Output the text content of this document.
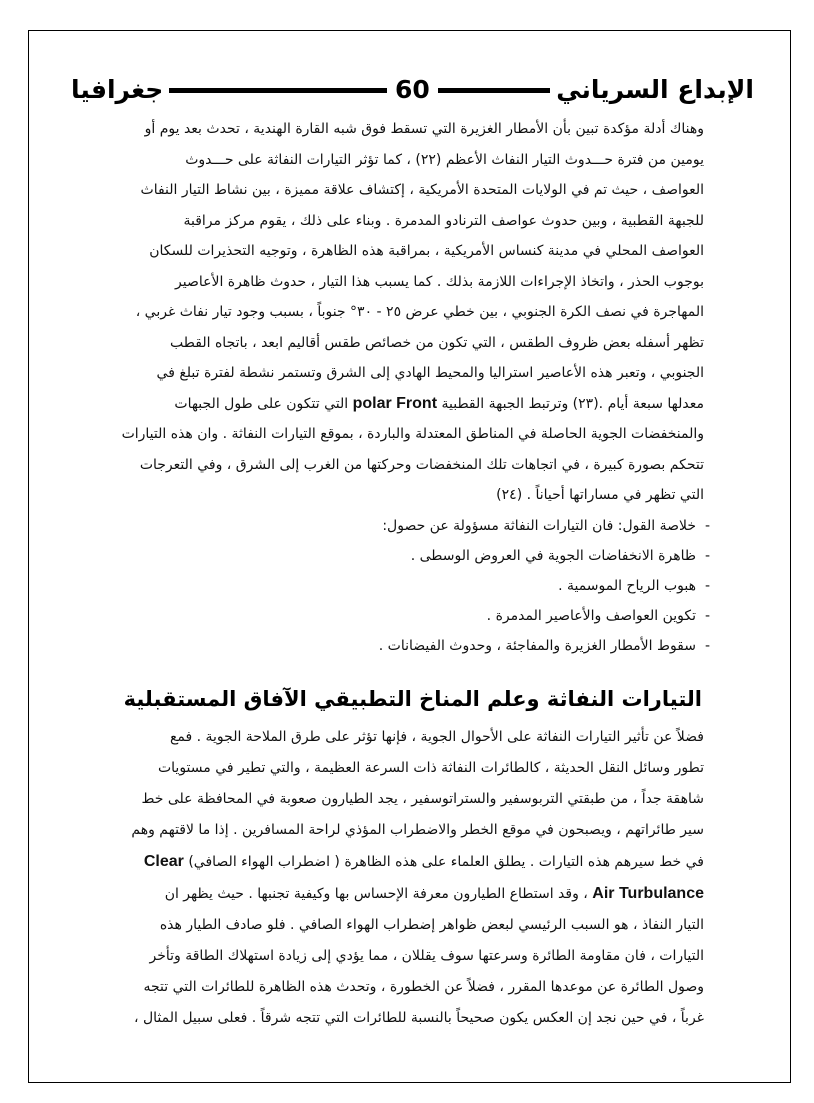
الإبداع السرياني
60
جغرافيا
وهناك أدلة مؤكدة تبين بأن الأمطار الغزيرة التي تسقط فوق شبه القارة الهندية ، تحدث بعد يوم أو
يومين من فترة حـــدوث التيار النفاث الأعظم (٢٢) ، كما تؤثر التيارات النفاثة على حـــدوث
العواصف ، حيث تم في الولايات المتحدة الأمريكية ، إكتشاف علاقة مميزة ، بين نشاط التيار النفاث
للجبهة القطبية ، وبين حدوث عواصف الترنادو المدمرة . وبناء على ذلك ، يقوم مركز مراقبة
العواصف المحلي في مدينة كنساس الأمريكية ، بمراقبة هذه الظاهرة ، وتوجيه التحذيرات للسكان
بوجوب الحذر ، واتخاذ الإجراءات اللازمة بذلك . كما يسبب هذا التيار ، حدوث ظاهرة الأعاصير
المهاجرة في نصف الكرة الجنوبي ، بين خطي عرض ٢٥ - ٣٠° جنوباً ، بسبب وجود تيار نفاث غربي ،
تظهر أسفله بعض ظروف الطقس ، التي تكون من خصائص طقس أقاليم ابعد ، باتجاه القطب
الجنوبي ، وتعبر هذه الأعاصير استراليا والمحيط الهادي إلى الشرق وتستمر نشطة لفترة تبلغ في
معدلها سبعة أيام .(٢٣) وترتبط الجبهة القطبية polar Front التي تتكون على طول الجبهات
والمنخفضات الجوية الحاصلة في المناطق المعتدلة والباردة ، بموقع التيارات النفاثة . وان هذه التيارات
تتحكم بصورة كبيرة ، في اتجاهات تلك المنخفضات وحركتها من الغرب إلى الشرق ، وفي التعرجات
التي تظهر في مساراتها أحياناً . (٢٤)
-
خلاصة القول: فان التيارات النفاثة مسؤولة عن حصول:
-
ظاهرة الانخفاضات الجوية في العروض الوسطى .
-
هبوب الرياح الموسمية .
-
تكوين العواصف والأعاصير المدمرة .
-
سقوط الأمطار الغزيرة والمفاجئة ، وحدوث الفيضانات .
التيارات النفاثة وعلم المناخ التطبيقي الآفاق المستقبلية
فضلاً عن تأثير التيارات النفاثة على الأحوال الجوية ، فإنها تؤثر على طرق الملاحة الجوية . فمع
تطور وسائل النقل الحديثة ، كالطائرات النفاثة ذات السرعة العظيمة ، والتي تطير في مستويات
شاهقة جداً ، من طبقتي التربوسفير والستراتوسفير ، يجد الطيارون صعوبة في المحافظة على خط
سير طائراتهم ، ويصبحون في موقع الخطر والاضطراب المؤذي لراحة المسافرين . إذا ما لاقتهم وهم
في خط سيرهم هذه التيارات . يطلق العلماء على هذه الظاهرة ( اضطراب الهواء الصافي) Clear
Air Turbulance ، وقد استطاع الطيارون معرفة الإحساس بها وكيفية تجنبها . حيث يظهر ان
التيار النفاذ ، هو السبب الرئيسي لبعض ظواهر إضطراب الهواء الصافي . فلو صادف الطيار هذه
التيارات ، فان مقاومة الطائرة وسرعتها سوف يقللان ، مما يؤدي إلى زيادة استهلاك الطاقة وتأخر
وصول الطائرة عن موعدها المقرر ، فضلاً عن الخطورة ، وتحدث هذه الظاهرة للطائرات التي تتجه
غرباً ، في حين نجد إن العكس يكون صحيحاً بالنسبة للطائرات التي تتجه شرقاً . فعلى سبيل المثال ،
